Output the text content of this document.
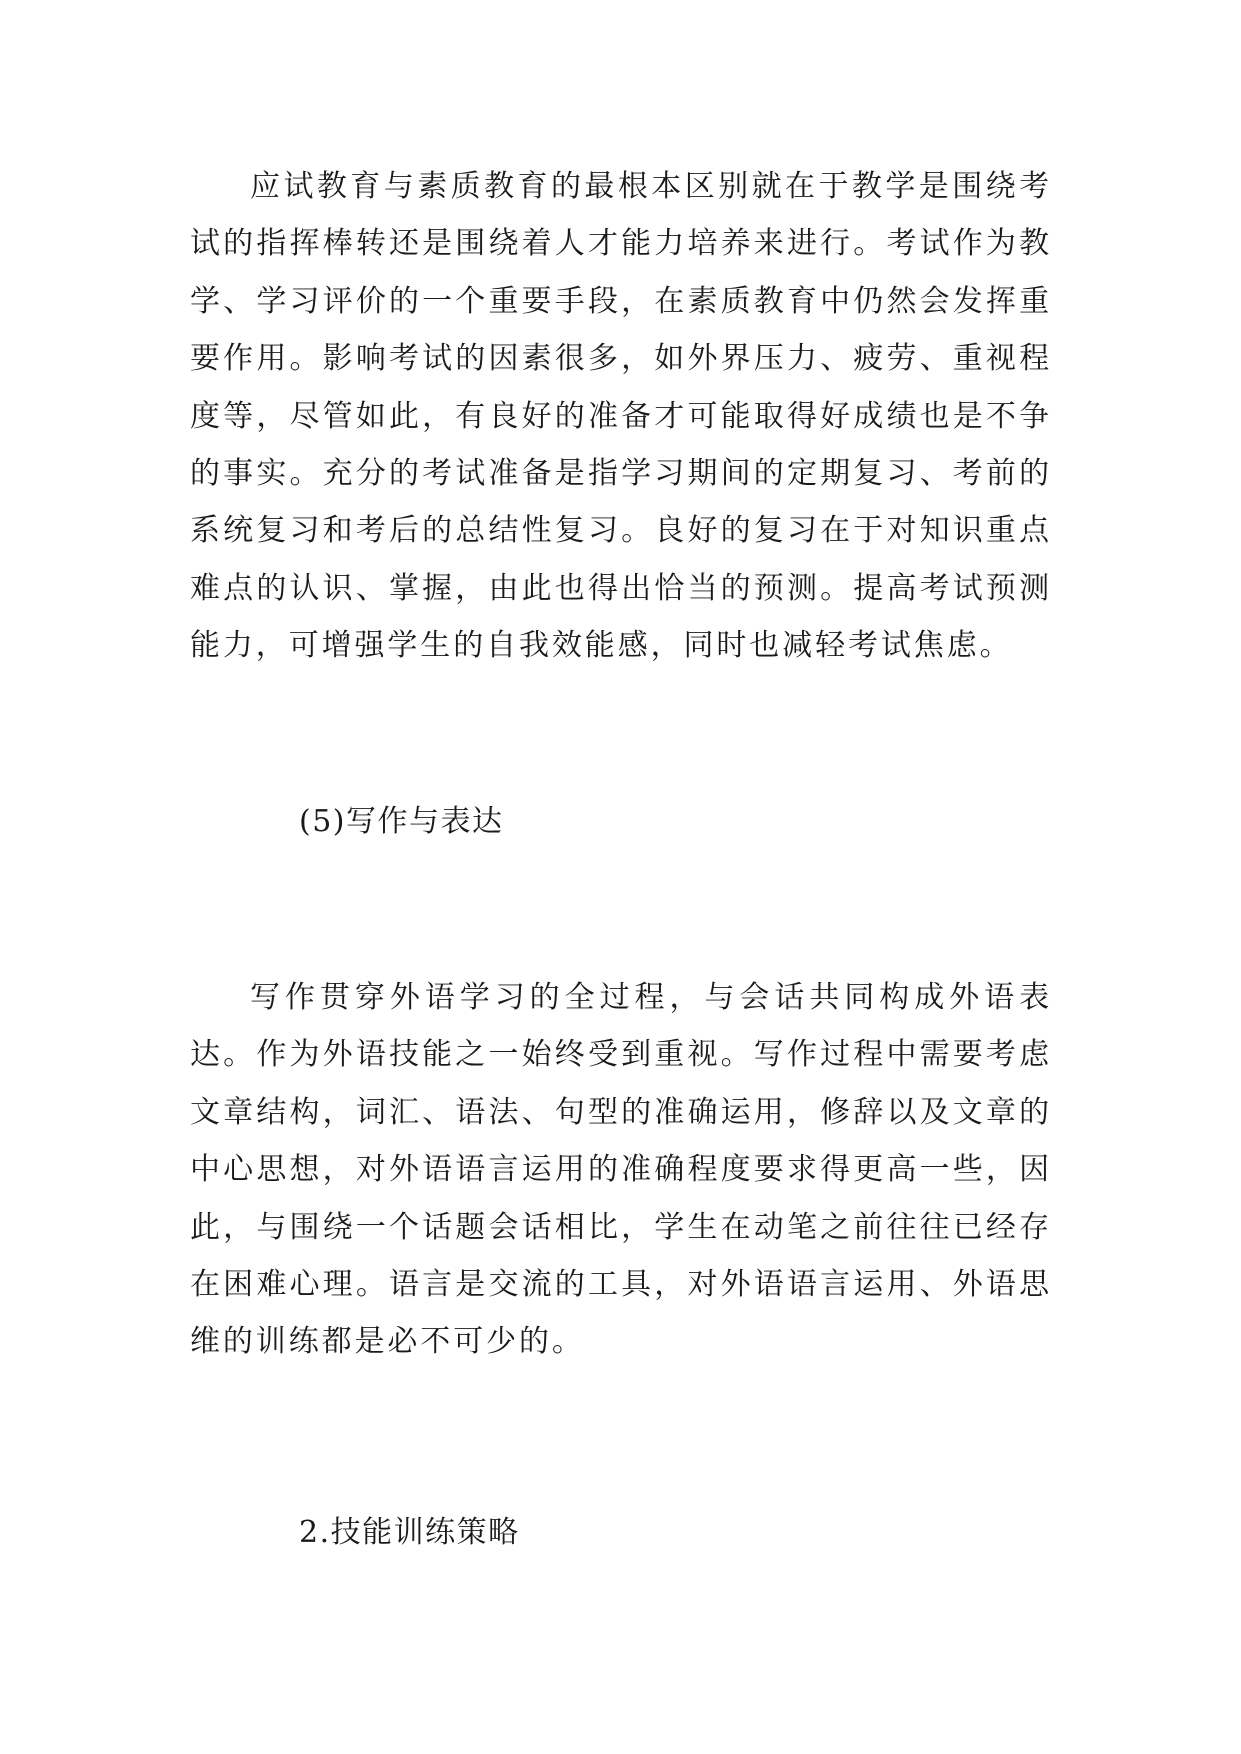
应试教育与素质教育的最根本区别就在于教学是围绕考试的指挥棒转还是围绕着人才能力培养来进行。考试作为教学、学习评价的一个重要手段，在素质教育中仍然会发挥重要作用。影响考试的因素很多，如外界压力、疲劳、重视程度等，尽管如此，有良好的准备才可能取得好成绩也是不争的事实。充分的考试准备是指学习期间的定期复习、考前的系统复习和考后的总结性复习。良好的复习在于对知识重点难点的认识、掌握，由此也得出恰当的预测。提高考试预测能力，可增强学生的自我效能感，同时也减轻考试焦虑。

(5)写作与表达

写作贯穿外语学习的全过程，与会话共同构成外语表达。作为外语技能之一始终受到重视。写作过程中需要考虑文章结构，词汇、语法、句型的准确运用，修辞以及文章的中心思想，对外语语言运用的准确程度要求得更高一些，因此，与围绕一个话题会话相比，学生在动笔之前往往已经存在困难心理。语言是交流的工具，对外语语言运用、外语思维的训练都是必不可少的。

2.技能训练策略
